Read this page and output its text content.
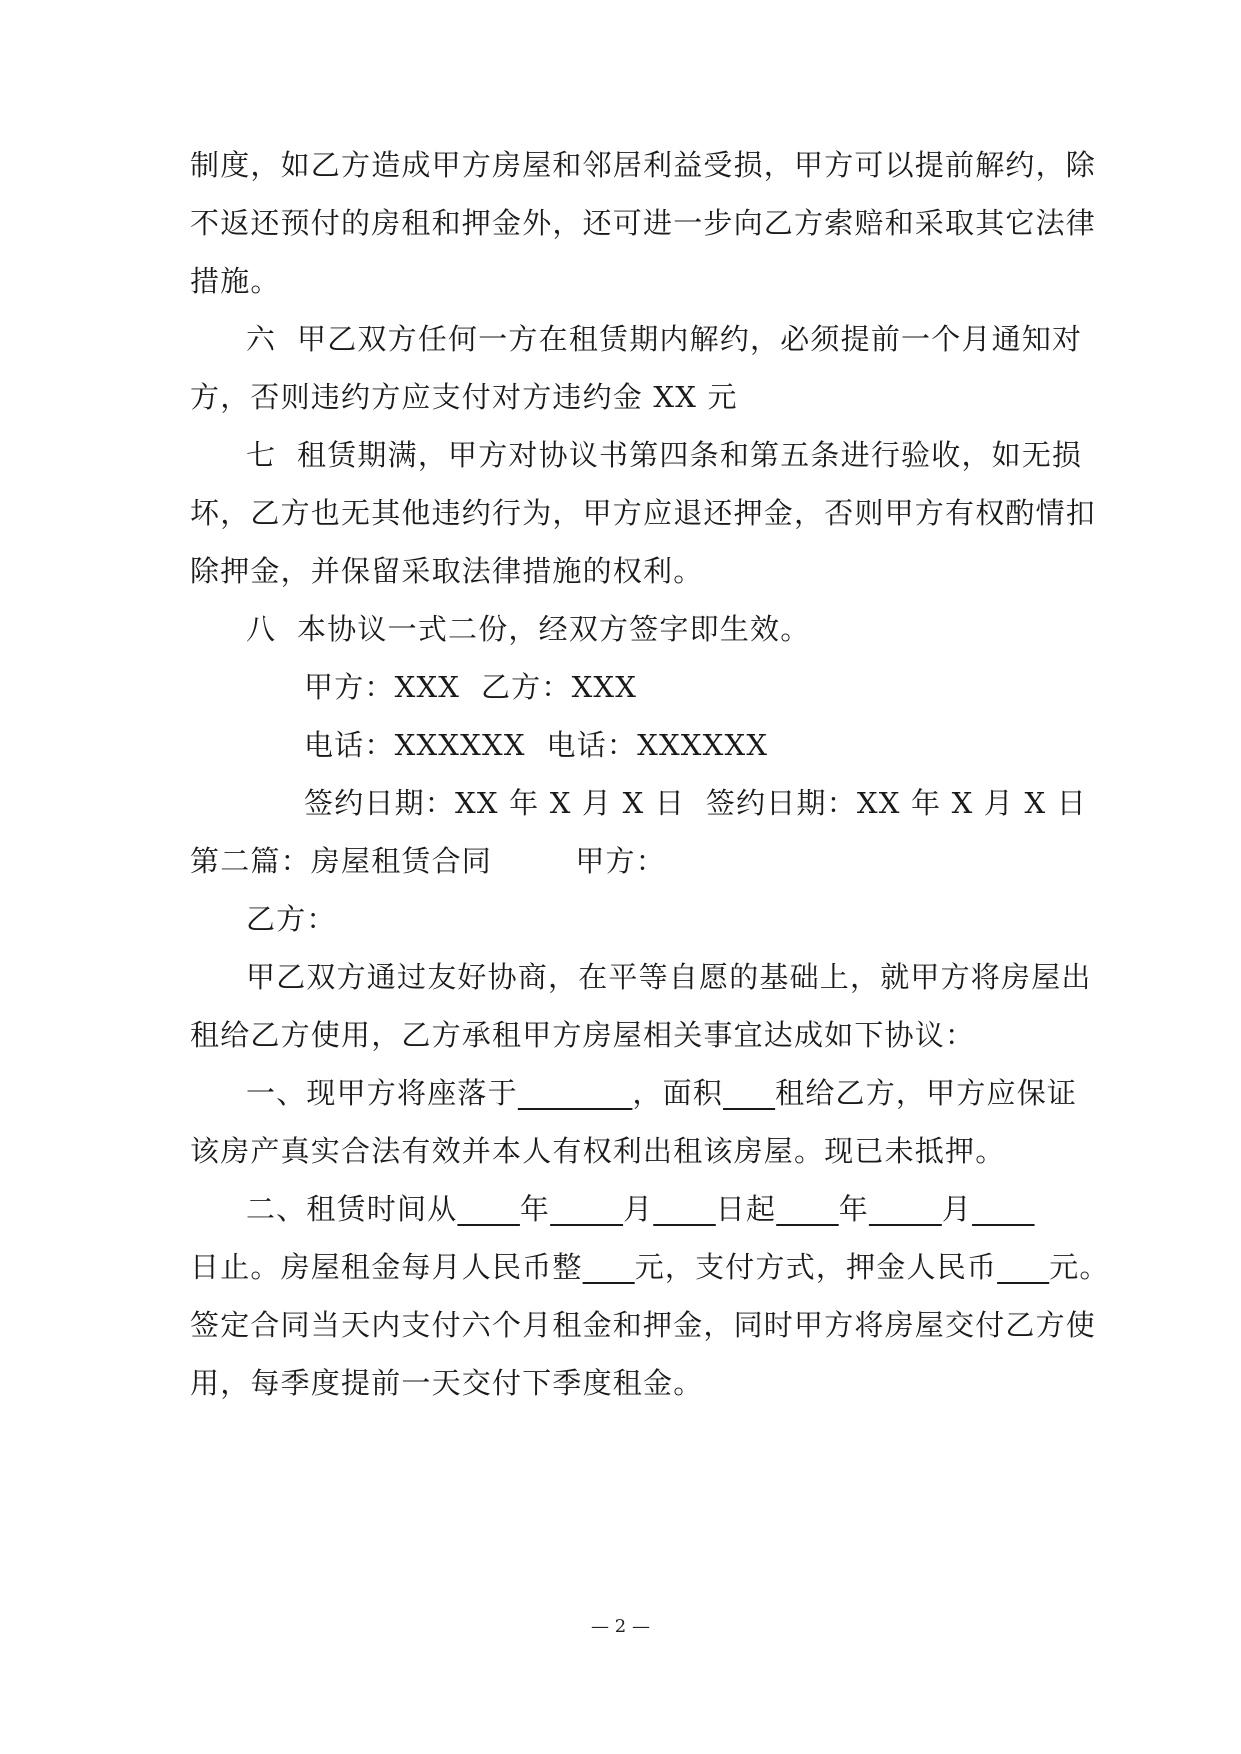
制度，如乙方造成甲方房屋和邻居利益受损，甲方可以提前解约，除
不返还预付的房租和押金外，还可进一步向乙方索赔和采取其它法律
措施。
六  甲乙双方任何一方在租赁期内解约，必须提前一个月通知对
方，否则违约方应支付对方违约金 XX 元
七  租赁期满，甲方对协议书第四条和第五条进行验收，如无损
坏，乙方也无其他违约行为，甲方应退还押金，否则甲方有权酌情扣
除押金，并保留采取法律措施的权利。
八  本协议一式二份，经双方签字即生效。
甲方：XXX  乙方：XXX
电话：XXXXXX  电话：XXXXXX
签约日期：XX 年 X 月 X 日  签约日期：XX 年 X 月 X 日
第二篇：房屋租赁合同        甲方：
乙方：
甲乙双方通过友好协商，在平等自愿的基础上，就甲方将房屋出
租给乙方使用，乙方承租甲方房屋相关事宜达成如下协议：
一、现甲方将座落于	，面积 租给乙方，甲方应保证
该房产真实合法有效并本人有权利出租该房屋。现已未抵押。
二、租赁时间从 年	月 日起 年	月
日止。房屋租金每月人民币整 元，支付方式，押金人民币 元。
签定合同当天内支付六个月租金和押金，同时甲方将房屋交付乙方使
用，每季度提前一天交付下季度租金。
— 2 —
